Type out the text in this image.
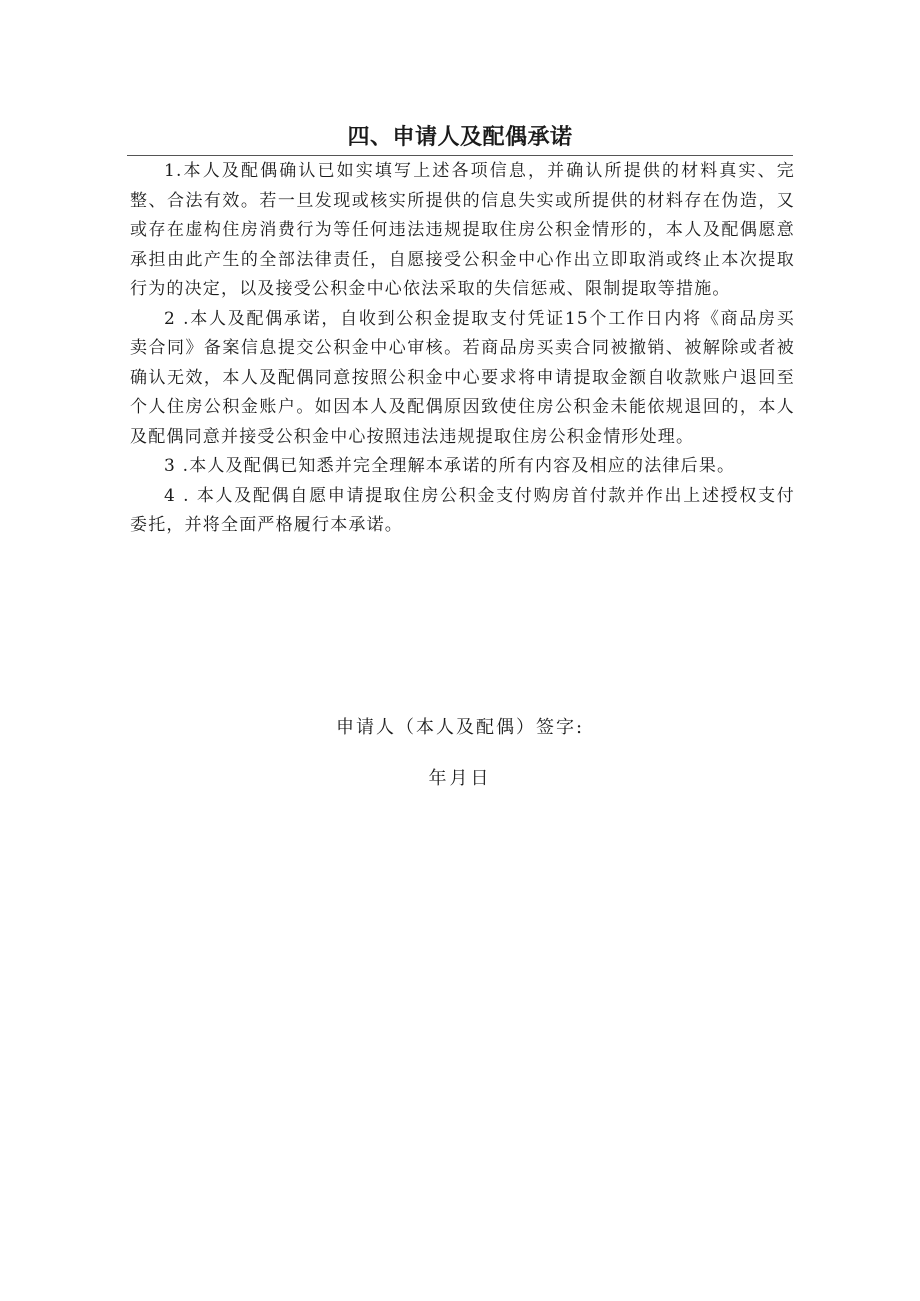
四、申请人及配偶承诺

1.本人及配偶确认已如实填写上述各项信息，并确认所提供的材料真实、完整、合法有效。若一旦发现或核实所提供的信息失实或所提供的材料存在伪造，又或存在虚构住房消费行为等任何违法违规提取住房公积金情形的，本人及配偶愿意承担由此产生的全部法律责任，自愿接受公积金中心作出立即取消或终止本次提取行为的决定，以及接受公积金中心依法采取的失信惩戒、限制提取等措施。

2 .本人及配偶承诺，自收到公积金提取支付凭证15个工作日内将《商品房买卖合同》备案信息提交公积金中心审核。若商品房买卖合同被撤销、被解除或者被确认无效，本人及配偶同意按照公积金中心要求将申请提取金额自收款账户退回至个人住房公积金账户。如因本人及配偶原因致使住房公积金未能依规退回的，本人及配偶同意并接受公积金中心按照违法违规提取住房公积金情形处理。

3 .本人及配偶已知悉并完全理解本承诺的所有内容及相应的法律后果。

4 . 本人及配偶自愿申请提取住房公积金支付购房首付款并作出上述授权支付委托，并将全面严格履行本承诺。

申请人（本人及配偶）签字:
年月日
